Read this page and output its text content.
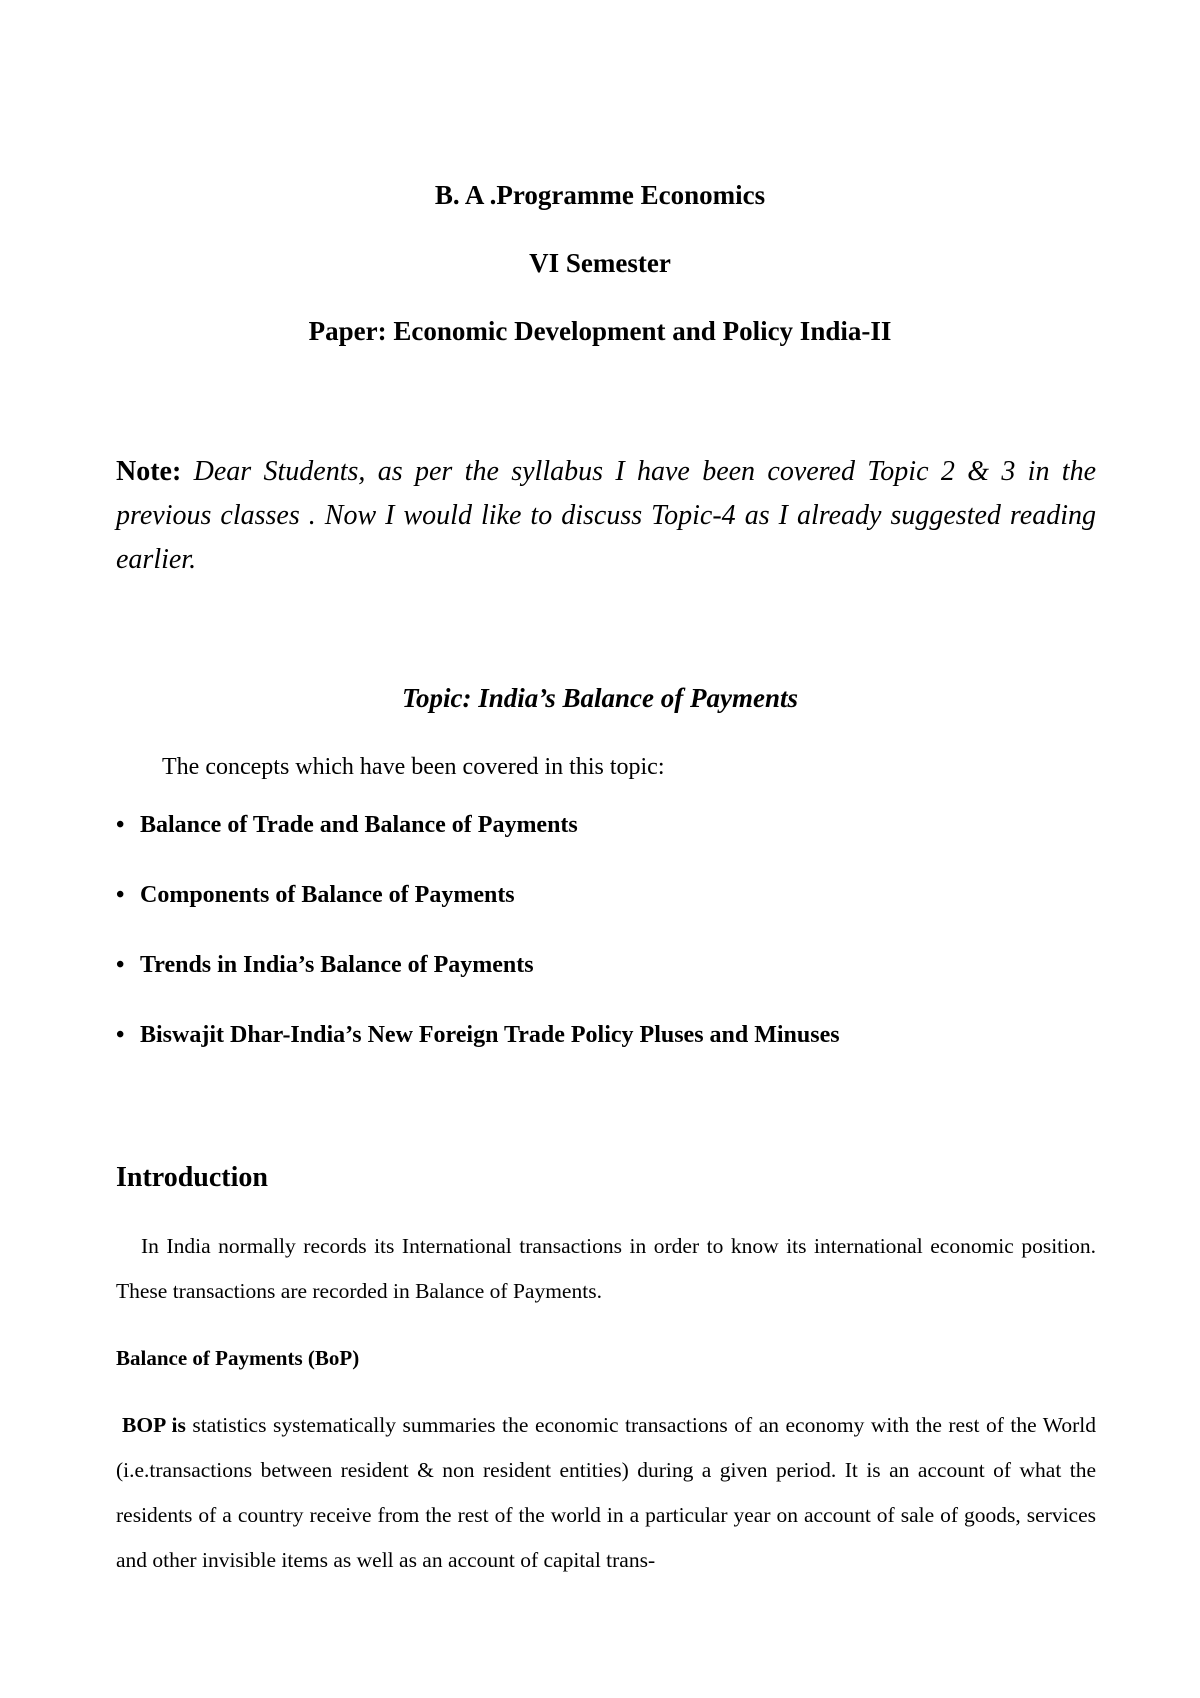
B. A .Programme Economics
VI Semester
Paper: Economic Development and Policy India-II
Note: Dear Students, as per the syllabus I have been covered Topic 2 & 3 in the previous classes . Now I would like to discuss Topic-4 as I already suggested reading earlier.
Topic: India’s Balance of Payments
The concepts which have been covered in this topic:
• Balance of Trade and Balance of Payments
• Components of Balance of Payments
• Trends in India’s Balance of Payments
• Biswajit Dhar-India’s New Foreign Trade Policy Pluses and Minuses
Introduction
In India normally records its International transactions in order to know its international economic position. These transactions are recorded in Balance of Payments.
Balance of Payments (BoP)
BOP is statistics systematically summaries the economic transactions of an economy with the rest of the World (i.e.transactions between resident & non resident entities) during a given period. It is an account of what the residents of a country receive from the rest of the world in a particular year on account of sale of goods, services and other invisible items as well as an account of capital trans-
